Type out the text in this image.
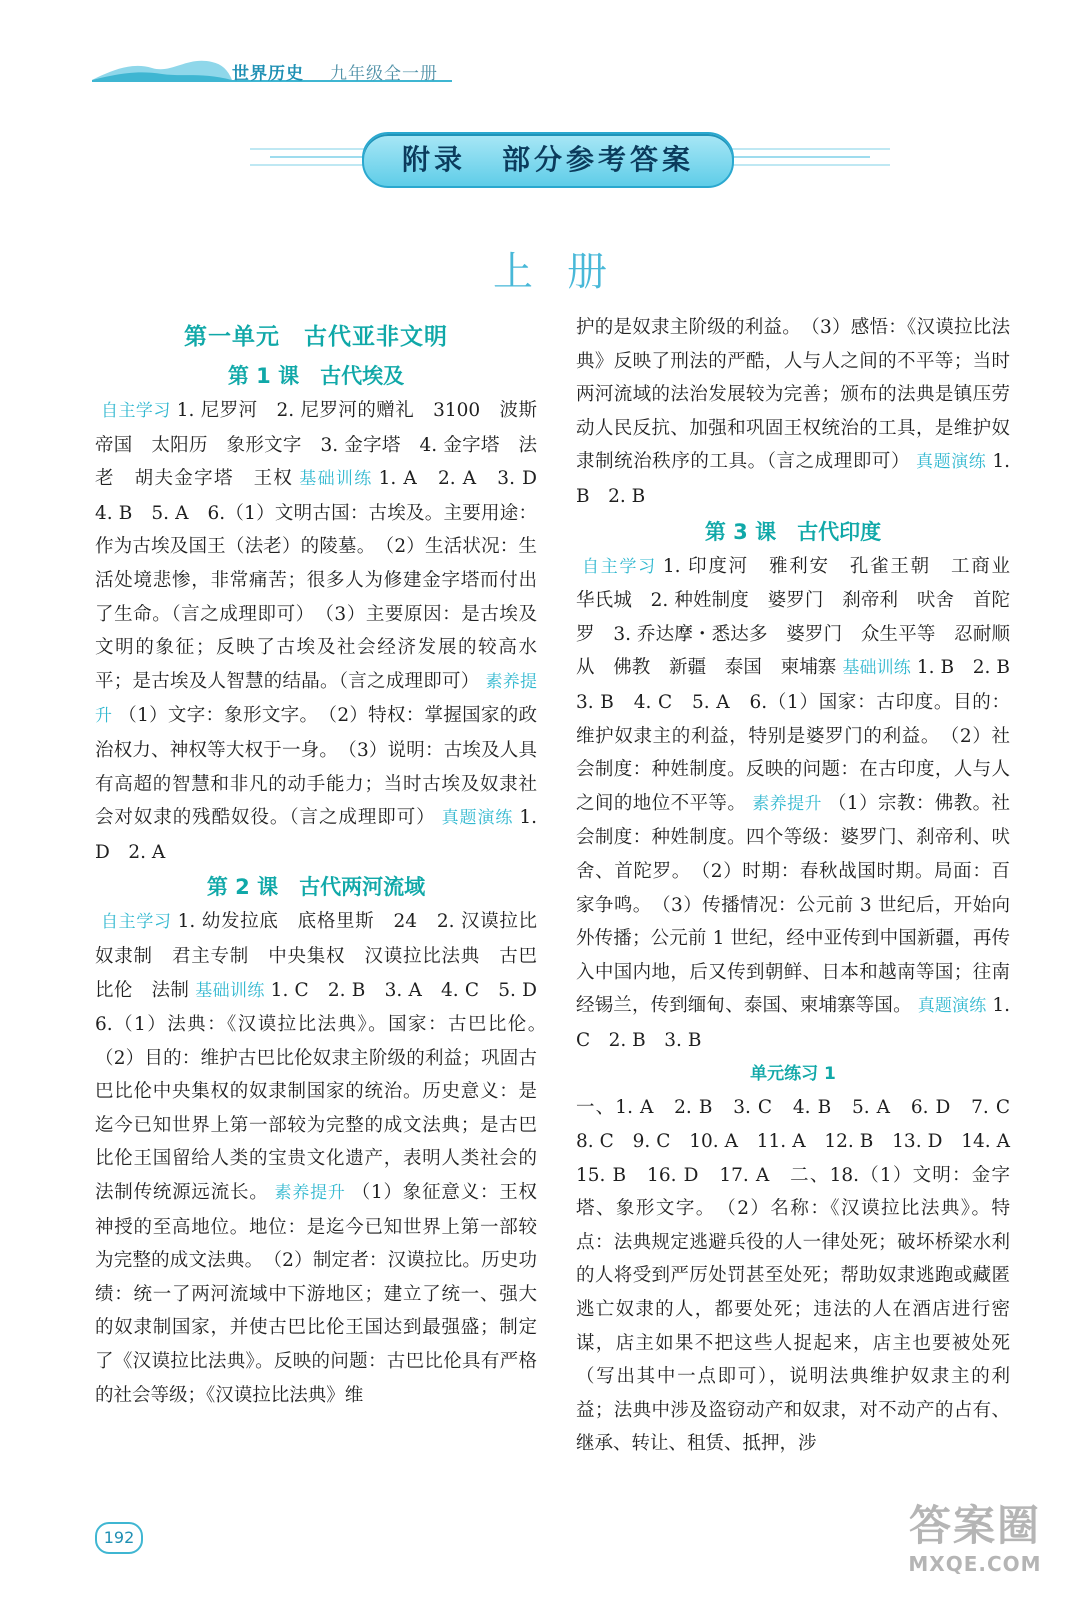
世界历史 九年级全一册
附录 部分参考答案
上册
第一单元　古代亚非文明
第 1 课　古代埃及

自主学习 1. 尼罗河　2. 尼罗河的赠礼　3100　波斯帝国　太阳历　象形文字　3. 金字塔　4. 金字塔　法老　胡夫金字塔　王权 基础训练 1. A　2. A　3. D　4. B　5. A　6.（1）文明古国：古埃及。主要用途：作为古埃及国王（法老）的陵墓。　（2）生活状况：生活处境悲惨，非常痛苦；很多人为修建金字塔而付出了生命。（言之成理即可）　（3）主要原因：是古埃及文明的象征；反映了古埃及社会经济发展的较高水平；是古埃及人智慧的结晶。（言之成理即可） 素养提升 （1）文字：象形文字。　（2）特权：掌握国家的政治权力、神权等大权于一身。　（3）说明：古埃及人具有高超的智慧和非凡的动手能力；当时古埃及奴隶社会对奴隶的残酷奴役。（言之成理即可） 真题演练 1. D　2. A

第 2 课　古代两河流域

自主学习 1. 幼发拉底　底格里斯　24　2. 汉谟拉比　奴隶制　君主专制　中央集权　汉谟拉比法典　古巴比伦　法制 基础训练 1. C　2. B　3. A　4. C　5. D　6.（1）法典：《汉谟拉比法典》。国家：古巴比伦。　（2）目的：维护古巴比伦奴隶主阶级的利益；巩固古巴比伦中央集权的奴隶制国家的统治。历史意义：是迄今已知世界上第一部较为完整的成文法典；是古巴比伦王国留给人类的宝贵文化遗产，表明人类社会的法制传统源远流长。 素养提升 （1）象征意义：王权神授的至高地位。地位：是迄今已知世界上第一部较为完整的成文法典。　（2）制定者：汉谟拉比。历史功绩：统一了两河流域中下游地区；建立了统一、强大的奴隶制国家，并使古巴比伦王国达到最强盛；制定了《汉谟拉比法典》。反映的问题：古巴比伦具有严格的社会等级；《汉谟拉比法典》维

护的是奴隶主阶级的利益。　（3）感悟：《汉谟拉比法典》反映了刑法的严酷，人与人之间的不平等；当时两河流域的法治发展较为完善；颁布的法典是镇压劳动人民反抗、加强和巩固王权统治的工具，是维护奴隶制统治秩序的工具。（言之成理即可） 真题演练 1. B　2. B

第 3 课　古代印度

自主学习 1. 印度河　雅利安　孔雀王朝　工商业　华氏城　2. 种姓制度　婆罗门　刹帝利　吠舍　首陀罗　3. 乔达摩・悉达多　婆罗门　众生平等　忍耐顺从　佛教　新疆　泰国　柬埔寨 基础训练 1. B　2. B　3. B　4. C　5. A　6.（1）国家：古印度。目的：维护奴隶主的利益，特别是婆罗门的利益。　（2）社会制度：种姓制度。反映的问题：在古印度，人与人之间的地位不平等。 素养提升 （1）宗教：佛教。社会制度：种姓制度。四个等级：婆罗门、刹帝利、吠舍、首陀罗。　（2）时期：春秋战国时期。局面：百家争鸣。　（3）传播情况：公元前 3 世纪后，开始向外传播；公元前 1 世纪，经中亚传到中国新疆，再传入中国内地，后又传到朝鲜、日本和越南等国；往南经锡兰，传到缅甸、泰国、柬埔寨等国。 真题演练 1. C　2. B　3. B

单元练习 1

一、1. A　2. B　3. C　4. B　5. A　6. D　7. C　8. C　9. C　10. A　11. A　12. B　13. D　14. A　15. B　16. D　17. A　二、18.（1）文明：金字塔、象形文字。　（2）名称：《汉谟拉比法典》。特点：法典规定逃避兵役的人一律处死；破坏桥梁水利的人将受到严厉处罚甚至处死；帮助奴隶逃跑或藏匿逃亡奴隶的人，都要处死；违法的人在酒店进行密谋，店主如果不把这些人捉起来，店主也要被处死（写出其中一点即可），说明法典维护奴隶主的利益；法典中涉及盗窃动产和奴隶，对不动产的占有、继承、转让、租赁、抵押，涉

192	答案圈
MXQE.COM
